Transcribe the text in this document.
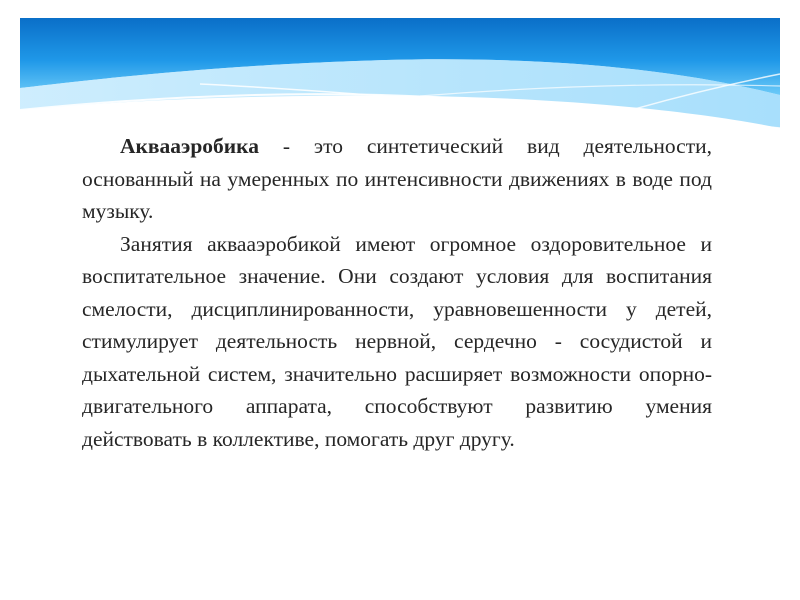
Аквааэробика - это синтетический вид деятельности, основанный на умеренных по интенсивности движениях в воде под музыку.

Занятия аквааэробикой имеют огромное оздоровительное и воспитательное значение. Они создают условия для воспитания смелости, дисциплинированности, уравновешенности у детей, стимулирует деятельность нервной, сердечно - сосудистой и дыхательной систем, значительно расширяет возможности опорно-двигательного аппарата, способствуют развитию умения действовать в коллективе, помогать друг другу.
